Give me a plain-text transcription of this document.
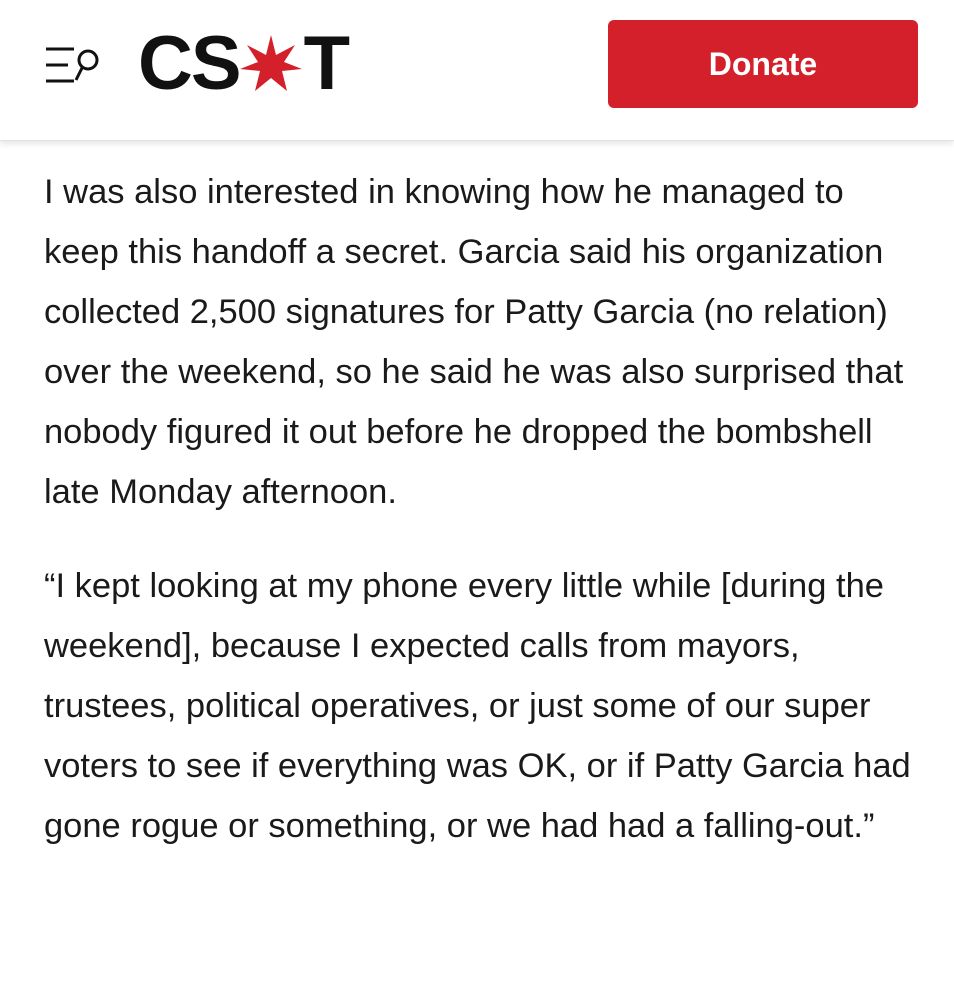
CS T	Donate

I was also interested in knowing how he managed to keep this handoff a secret. Garcia said his organization collected 2,500 signatures for Patty Garcia (no relation) over the weekend, so he said he was also surprised that nobody figured it out before he dropped the bombshell late Monday afternoon.

“I kept looking at my phone every little while [during the weekend], because I expected calls from mayors, trustees, political operatives, or just some of our super voters to see if everything was OK, or if Patty Garcia had gone rogue or something, or we had had a falling-out.”
